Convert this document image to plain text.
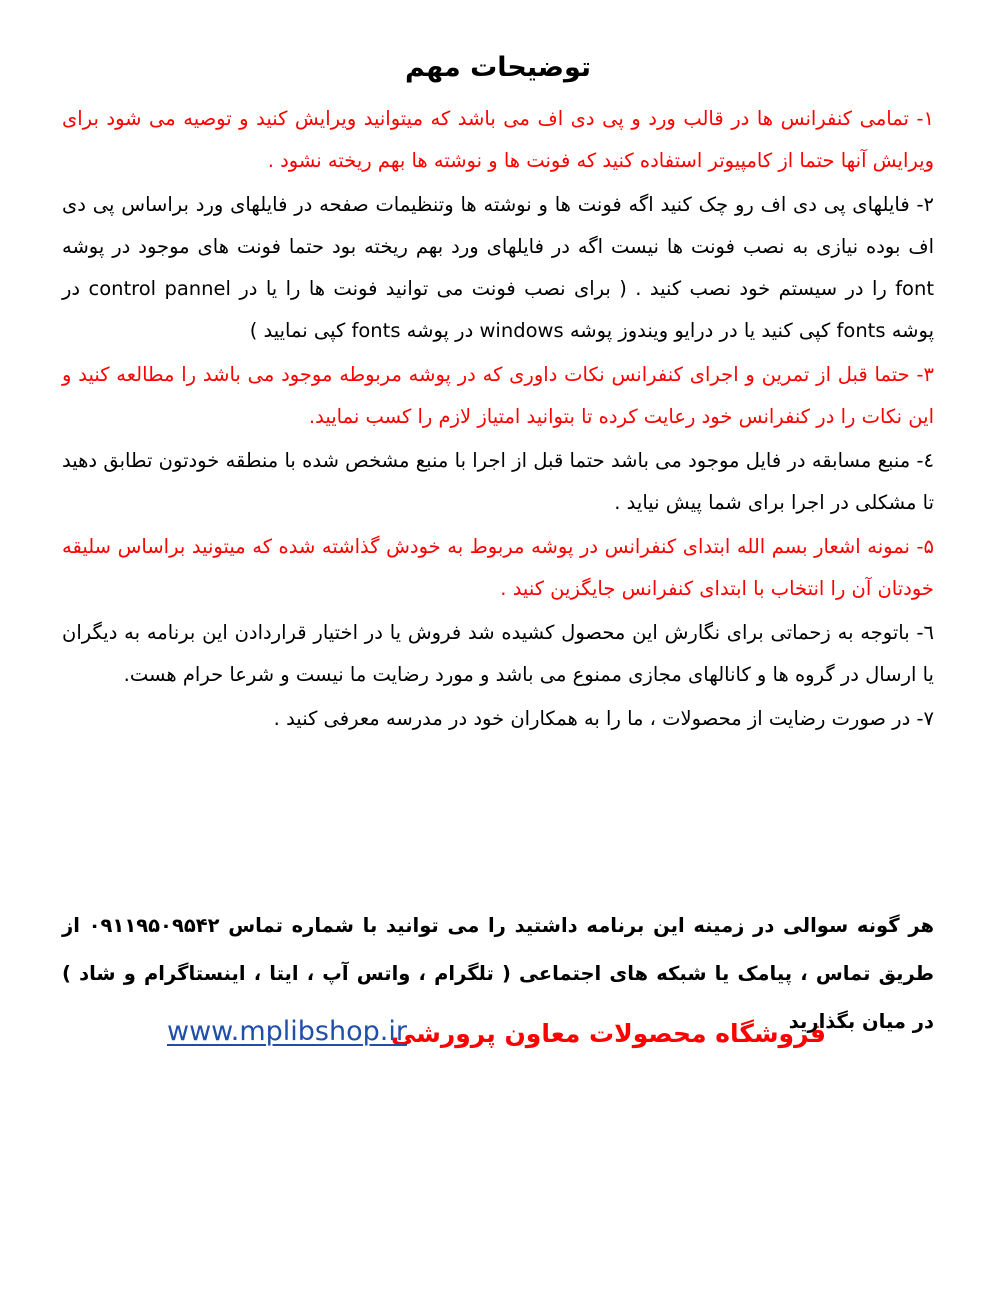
توضیحات مهم

۱- تمامی کنفرانس ها در قالب ورد و پی دی اف می باشد که میتوانید ویرایش کنید و توصیه می شود برای ویرایش آنها حتما از کامپیوتر استفاده کنید که فونت ها و نوشته ها بهم ریخته نشود .

۲- فایلهای پی دی اف رو چک کنید اگه فونت ها و نوشته ها وتنظیمات صفحه در فایلهای ورد براساس پی دی اف بوده نیازی به نصب فونت ها نیست اگه در فایلهای ورد بهم ریخته بود حتما فونت های موجود در پوشه font را در سیستم خود نصب کنید . ( برای نصب فونت می توانید فونت ها را یا در control pannel در پوشه fonts کپی کنید یا در درایو ویندوز پوشه windows در پوشه fonts کپی نمایید )

۳- حتما قبل از تمرین و اجرای کنفرانس نکات داوری که در پوشه مربوطه موجود می باشد را مطالعه کنید و این نکات را در کنفرانس خود رعایت کرده تا بتوانید امتیاز لازم را کسب نمایید.

٤- منبع مسابقه در فایل موجود می باشد حتما قبل از اجرا با منبع مشخص شده با منطقه خودتون تطابق دهید تا مشکلی در اجرا برای شما پیش نیاید .

۵- نمونه اشعار بسم الله ابتدای کنفرانس در پوشه مربوط به خودش گذاشته شده که میتونید براساس سلیقه خودتان آن را انتخاب با ابتدای کنفرانس جایگزین کنید .

٦- باتوجه به زحماتی برای نگارش این محصول کشیده شد فروش یا در اختیار قراردادن این برنامه به دیگران یا ارسال در گروه ها و کانالهای مجازی ممنوع می باشد و مورد رضایت ما نیست و شرعا حرام هست.

۷- در صورت رضایت از محصولات ، ما را به همکاران خود در مدرسه معرفی کنید .

هر گونه سوالی در زمینه این برنامه داشتید را می توانید با شماره تماس ۰۹۱۱۹۵۰۹۵۴۲ از طریق تماس ، پیامک یا شبکه های اجتماعی ( تلگرام ، واتس آپ ، ایتا ، اینستاگرام و شاد ) در میان بگذارید
فروشگاه محصولات معاون پرورشی
www.mplibshop.ir
